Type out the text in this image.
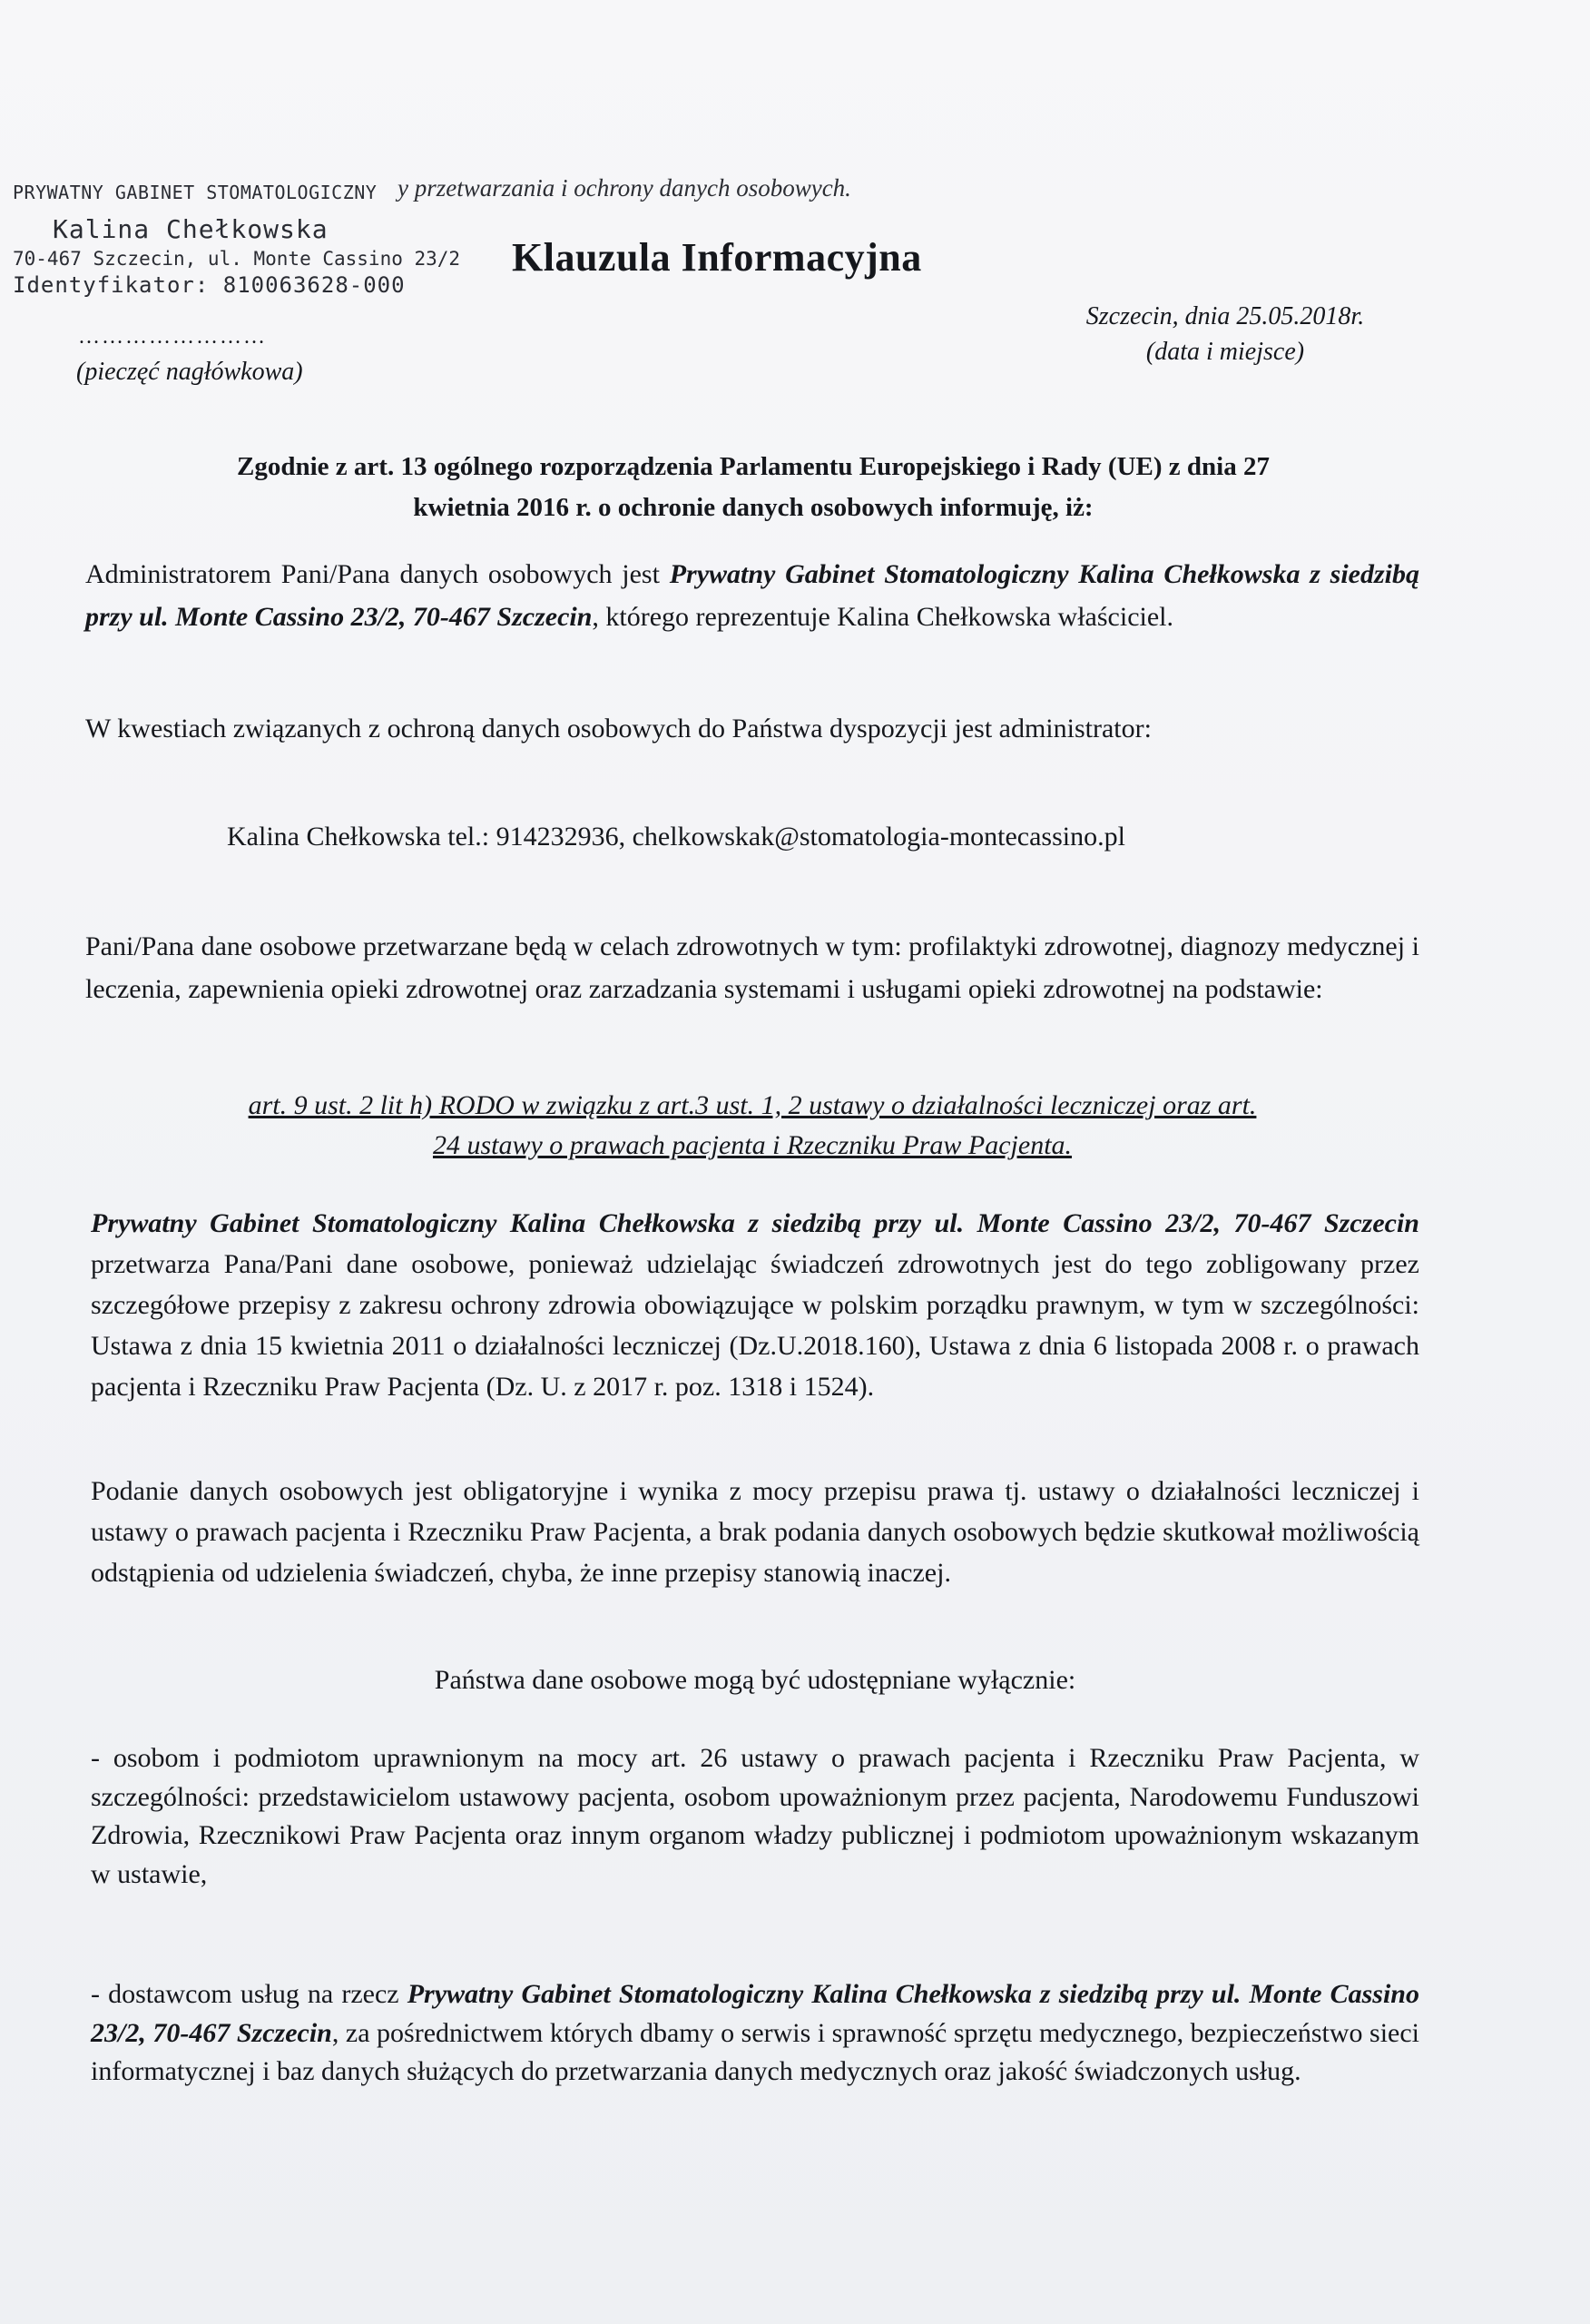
PRYWATNY GABINET STOMATOLOGICZNY y przetwarzania i ochrony danych osobowych.
Kalina Chełkowska
70-467 Szczecin, ul. Monte Cassino 23/2
Identyfikator: 810063628-000
……………………
(pieczęć nagłówkowa)
Klauzula Informacyjna
Szczecin, dnia 25.05.2018r.
(data i miejsce)
Zgodnie z art. 13 ogólnego rozporządzenia Parlamentu Europejskiego i Rady (UE) z dnia 27
kwietnia 2016 r. o ochronie danych osobowych informuję, iż:
Administratorem Pani/Pana danych osobowych jest Prywatny Gabinet Stomatologiczny Kalina Chełkowska z siedzibą przy ul. Monte Cassino 23/2, 70-467 Szczecin, którego reprezentuje Kalina Chełkowska właściciel.
W kwestiach związanych z ochroną danych osobowych do Państwa dyspozycji jest administrator:
Kalina Chełkowska tel.: 914232936, chelkowskak@stomatologia-montecassino.pl
Pani/Pana dane osobowe przetwarzane będą w celach zdrowotnych w tym: profilaktyki zdrowotnej, diagnozy medycznej i leczenia, zapewnienia opieki zdrowotnej oraz zarzadzania systemami i usługami opieki zdrowotnej na podstawie:
art. 9 ust. 2 lit h) RODO w związku z art.3 ust. 1, 2 ustawy o działalności leczniczej oraz art.
24 ustawy o prawach pacjenta i Rzeczniku Praw Pacjenta.
Prywatny Gabinet Stomatologiczny Kalina Chełkowska z siedzibą przy ul. Monte Cassino 23/2, 70-467 Szczecin przetwarza Pana/Pani dane osobowe, ponieważ udzielając świadczeń zdrowotnych jest do tego zobligowany przez szczegółowe przepisy z zakresu ochrony zdrowia obowiązujące w polskim porządku prawnym, w tym w szczególności: Ustawa z dnia 15 kwietnia 2011 o działalności leczniczej (Dz.U.2018.160), Ustawa z dnia 6 listopada 2008 r. o prawach pacjenta i Rzeczniku Praw Pacjenta (Dz. U. z 2017 r. poz. 1318 i 1524).
Podanie danych osobowych jest obligatoryjne i wynika z mocy przepisu prawa tj. ustawy o działalności leczniczej i ustawy o prawach pacjenta i Rzeczniku Praw Pacjenta, a brak podania danych osobowych będzie skutkował możliwością odstąpienia od udzielenia świadczeń, chyba, że inne przepisy stanowią inaczej.
Państwa dane osobowe mogą być udostępniane wyłącznie:
- osobom i podmiotom uprawnionym na mocy art. 26 ustawy o prawach pacjenta i Rzeczniku Praw Pacjenta, w szczególności: przedstawicielom ustawowy pacjenta, osobom upoważnionym przez pacjenta, Narodowemu Funduszowi Zdrowia, Rzecznikowi Praw Pacjenta oraz innym organom władzy publicznej i podmiotom upoważnionym wskazanym w ustawie,
- dostawcom usług na rzecz Prywatny Gabinet Stomatologiczny Kalina Chełkowska z siedzibą przy ul. Monte Cassino 23/2, 70-467 Szczecin, za pośrednictwem których dbamy o serwis i sprawność sprzętu medycznego, bezpieczeństwo sieci informatycznej i baz danych służących do przetwarzania danych medycznych oraz jakość świadczonych usług.
